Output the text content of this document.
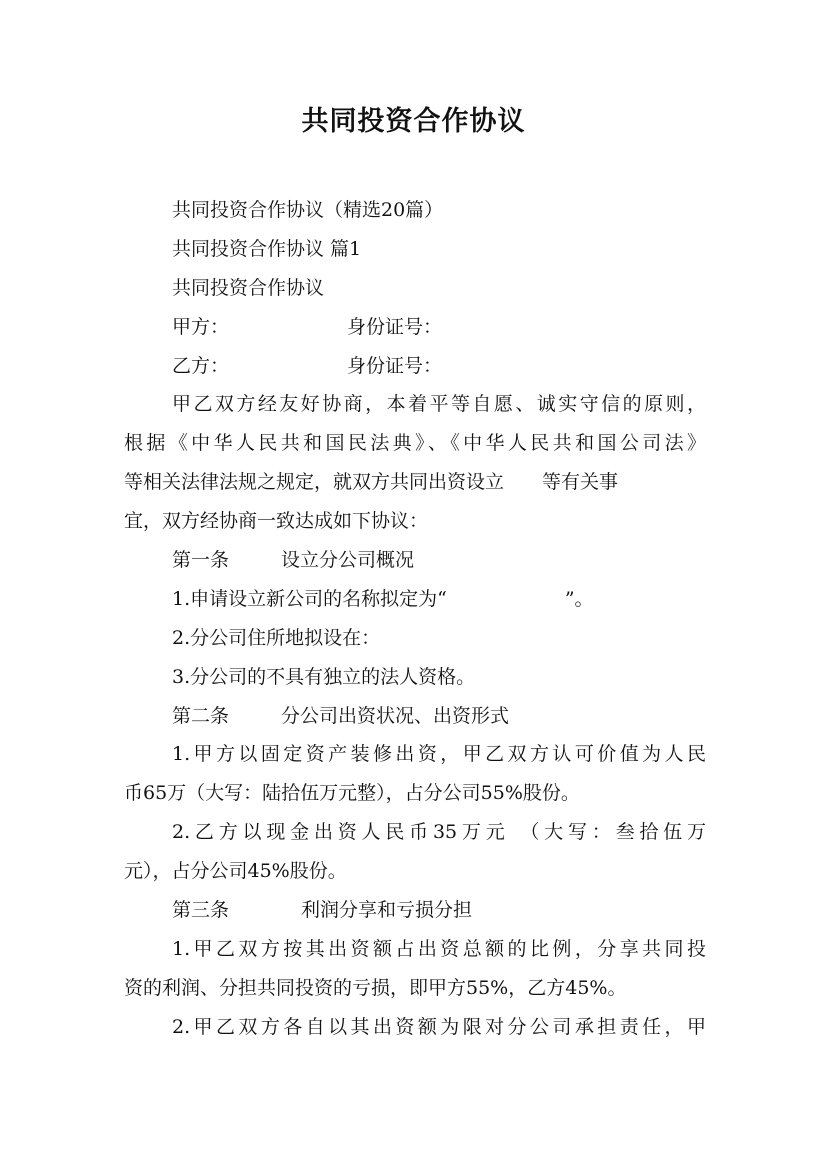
共同投资合作协议
共同投资合作协议（精选20篇）
共同投资合作协议 篇1
共同投资合作协议
甲方：	身份证号：
乙方：	身份证号：
甲乙双方经友好协商，本着平等自愿、诚实守信的原则，
根据《中华人民共和国民法典》、《中华人民共和国公司法》
等相关法律法规之规定，就双方共同出资设立 等有关事
宜，双方经协商一致达成如下协议：
第一条	设立分公司概况
1.申请设立新公司的名称拟定为“	”。
2.分公司住所地拟设在：
3.分公司的不具有独立的法人资格。
第二条	分公司出资状况、出资形式
1.甲方以固定资产装修出资，甲乙双方认可价值为人民
币65万（大写：陆拾伍万元整），占分公司55%股份。
2.乙方以现金出资人民币35万元 （大写：叁拾伍万
元），占分公司45%股份。
第三条	利润分享和亏损分担
1.甲乙双方按其出资额占出资总额的比例，分享共同投
资的利润、分担共同投资的亏损，即甲方55%，乙方45%。
2.甲乙双方各自以其出资额为限对分公司承担责任，甲
